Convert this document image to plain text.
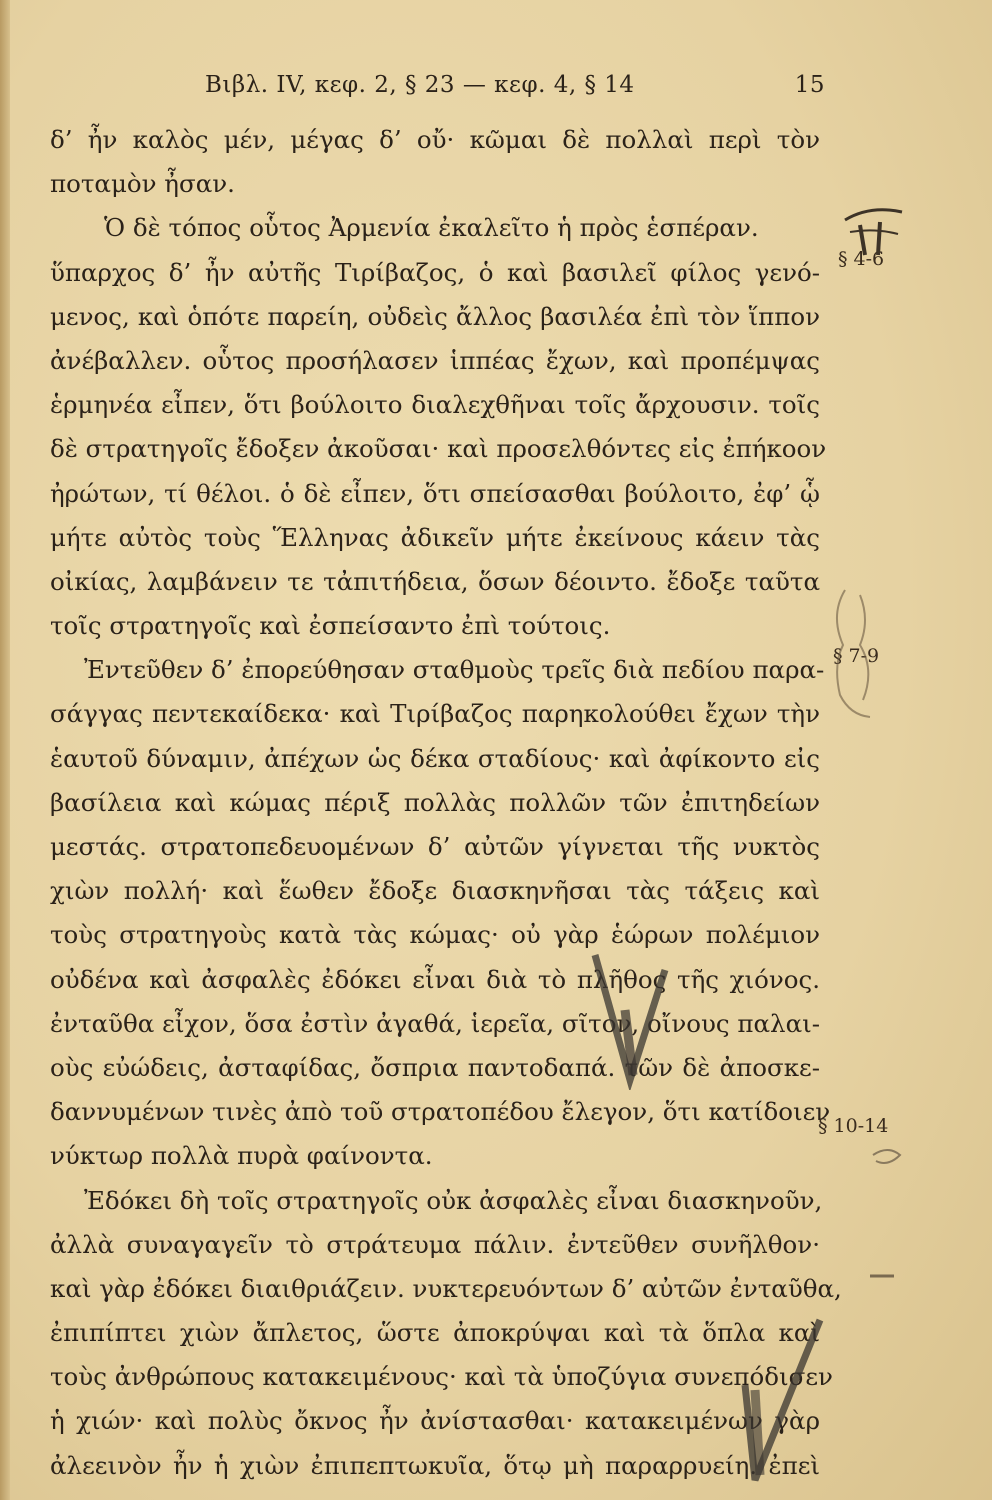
Βιβλ. IV, κεφ. 2, § 23 — κεφ. 4, § 14	15
δ’ ἦν καλὸς μέν, μέγας δ’ οὔ· κῶμαι δὲ πολλαὶ περὶ τὸν
ποταμὸν ἦσαν.
Ὁ δὲ τόπος οὗτος Ἀρμενία ἐκαλεῖτο ἡ πρὸς ἑσπέραν.
ὕπαρχος δ’ ἦν αὐτῆς Τιρίβαζος, ὁ καὶ βασιλεῖ φίλος γενό-
μενος, καὶ ὁπότε παρείη, οὐδεὶς ἄλλος βασιλέα ἐπὶ τὸν ἵππον
ἀνέβαλλεν. οὗτος προσήλασεν ἱππέας ἔχων, καὶ προπέμψας
ἑρμηνέα εἶπεν, ὅτι βούλοιτο διαλεχθῆναι τοῖς ἄρχουσιν. τοῖς
δὲ στρατηγοῖς ἔδοξεν ἀκοῦσαι· καὶ προσελθόντες εἰς ἐπήκοον
ἠρώτων, τί θέλοι. ὁ δὲ εἶπεν, ὅτι σπείσασθαι βούλοιτο, ἐφ’ ᾧ
μήτε αὐτὸς τοὺς Ἕλληνας ἀδικεῖν μήτε ἐκείνους κάειν τὰς
οἰκίας, λαμβάνειν τε τἀπιτήδεια, ὅσων δέοιντο. ἔδοξε ταῦτα
τοῖς στρατηγοῖς καὶ ἐσπείσαντο ἐπὶ τούτοις.
Ἐντεῦθεν δ’ ἐπορεύθησαν σταθμοὺς τρεῖς διὰ πεδίου παρα-
σάγγας πεντεκαίδεκα· καὶ Τιρίβαζος παρηκολούθει ἔχων τὴν
ἑαυτοῦ δύναμιν, ἀπέχων ὡς δέκα σταδίους· καὶ ἀφίκοντο εἰς
βασίλεια καὶ κώμας πέριξ πολλὰς πολλῶν τῶν ἐπιτηδείων
μεστάς. στρατοπεδευομένων δ’ αὐτῶν γίγνεται τῆς νυκτὸς
χιὼν πολλή· καὶ ἕωθεν ἔδοξε διασκηνῆσαι τὰς τάξεις καὶ
τοὺς στρατηγοὺς κατὰ τὰς κώμας· οὐ γὰρ ἑώρων πολέμιον
οὐδένα καὶ ἀσφαλὲς ἐδόκει εἶναι διὰ τὸ πλῆθος τῆς χιόνος.
ἐνταῦθα εἶχον, ὅσα ἐστὶν ἀγαθά, ἱερεῖα, σῖτον, οἴνους παλαι-
οὺς εὐώδεις, ἀσταφίδας, ὄσπρια παντοδαπά. τῶν δὲ ἀποσκε-
δαννυμένων τινὲς ἀπὸ τοῦ στρατοπέδου ἔλεγον, ὅτι κατίδοιεν
νύκτωρ πολλὰ πυρὰ φαίνοντα.
Ἐδόκει δὴ τοῖς στρατηγοῖς οὐκ ἀσφαλὲς εἶναι διασκηνοῦν,
ἀλλὰ συναγαγεῖν τὸ στράτευμα πάλιν. ἐντεῦθεν συνῆλθον·
καὶ γὰρ ἐδόκει διαιθριάζειν. νυκτερευόντων δ’ αὐτῶν ἐνταῦθα,
ἐπιπίπτει χιὼν ἄπλετος, ὥστε ἀποκρύψαι καὶ τὰ ὅπλα καὶ
τοὺς ἀνθρώπους κατακειμένους· καὶ τὰ ὑποζύγια συνεπόδισεν
ἡ χιών· καὶ πολὺς ὄκνος ἦν ἀνίστασθαι· κατακειμένων γὰρ
ἀλεεινὸν ἦν ἡ χιὼν ἐπιπεπτωκυῖα, ὅτῳ μὴ παραρρυείη. ἐπεὶ
§ 4-6
§ 7-9
§ 10-14
